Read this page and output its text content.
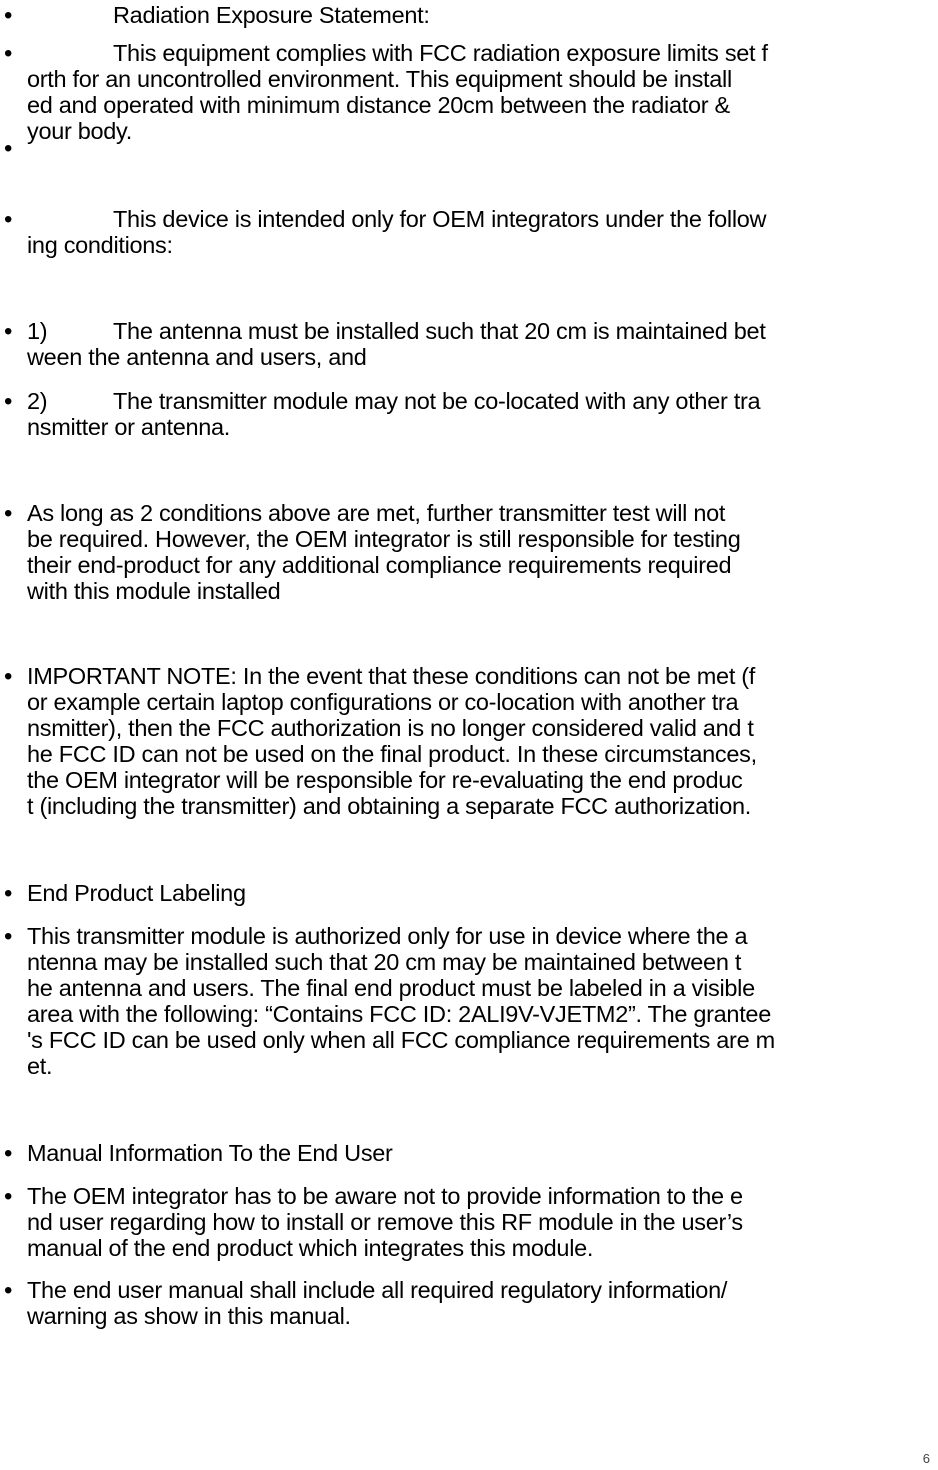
•	Radiation Exposure Statement:
•	This equipment complies with FCC radiation exposure limits set f
orth for an uncontrolled environment. This equipment should be install
ed and operated with minimum distance 20cm between the radiator &
your body.
•
•	This device is intended only for OEM integrators under the follow
ing conditions:
• 1)	The antenna must be installed such that 20 cm is maintained bet
ween the antenna and users, and
• 2)	The transmitter module may not be co-located with any other tra
nsmitter or antenna.
• As long as 2 conditions above are met, further transmitter test will not
be required. However, the OEM integrator is still responsible for testing
their end-product for any additional compliance requirements required
with this module installed
• IMPORTANT NOTE: In the event that these conditions can not be met (f
or example certain laptop configurations or co-location with another tra
nsmitter), then the FCC authorization is no longer considered valid and t
he FCC ID can not be used on the final product. In these circumstances,
the OEM integrator will be responsible for re-evaluating the end produc
t (including the transmitter) and obtaining a separate FCC authorization.
• End Product Labeling
• This transmitter module is authorized only for use in device where the a
ntenna may be installed such that 20 cm may be maintained between t
he antenna and users. The final end product must be labeled in a visible
area with the following: “Contains FCC ID: 2ALI9V-VJETM2”. The grantee
's FCC ID can be used only when all FCC compliance requirements are m
et.
• Manual Information To the End User
• The OEM integrator has to be aware not to provide information to the e
nd user regarding how to install or remove this RF module in the user’s
manual of the end product which integrates this module.
• The end user manual shall include all required regulatory information/
warning as show in this manual.
6
